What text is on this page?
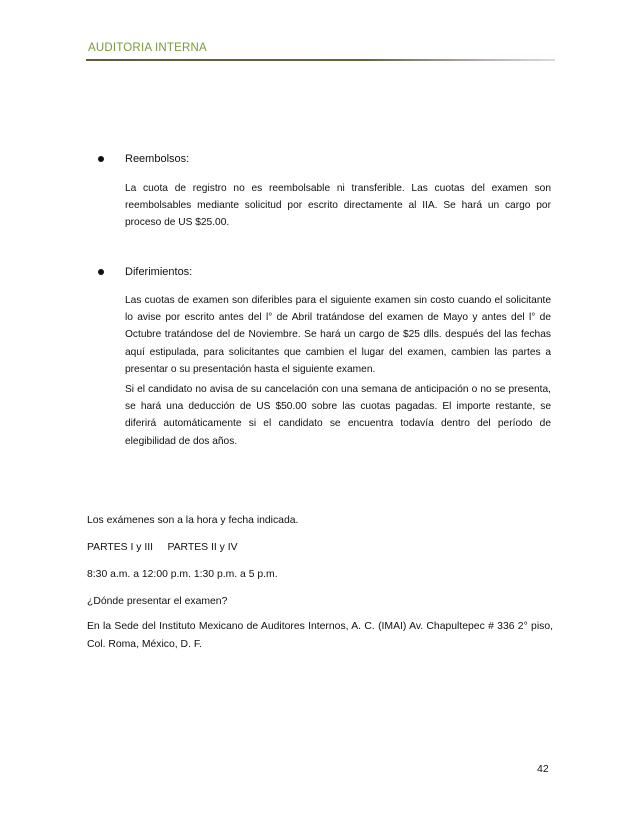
AUDITORIA INTERNA
Reembolsos:
La cuota de registro no es reembolsable ni transferible. Las cuotas del examen son reembolsables mediante solicitud por escrito directamente al IIA. Se hará un cargo por proceso de US $25.00.
Diferimientos:
Las cuotas de examen son diferibles para el siguiente examen sin costo cuando el solicitante lo avise por escrito antes del l° de Abril tratándose del examen de Mayo y antes del l° de Octubre tratándose del de Noviembre. Se hará un cargo de $25 dlls. después del las fechas aquí estipulada, para solicitantes que cambien el lugar del examen, cambien las partes a presentar o su presentación hasta el siguiente examen.
Si el candidato no avisa de su cancelación con una semana de anticipación o no se presenta, se hará una deducción de US $50.00 sobre las cuotas pagadas. El importe restante, se diferirá automáticamente si el candidato se encuentra todavía dentro del período de elegibilidad de dos años.
Los exámenes son a la hora y fecha indicada.
PARTES I y III     PARTES II y IV
8:30 a.m. a 12:00 p.m. 1:30 p.m. a 5 p.m.
¿Dónde presentar el examen?
En la Sede del Instituto Mexicano de Auditores Internos, A. C. (IMAI) Av. Chapultepec # 336 2° piso, Col. Roma, México, D. F.
42
